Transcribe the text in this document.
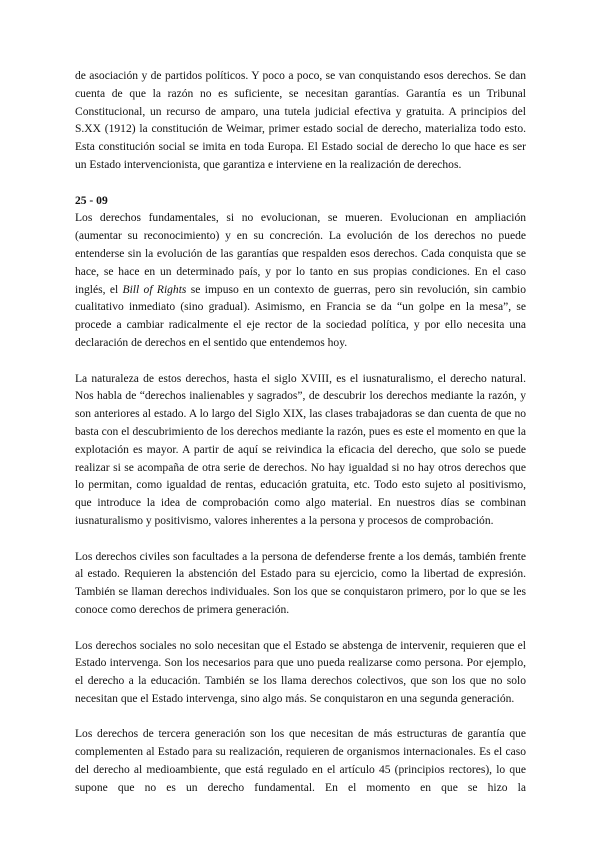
de asociación y de partidos políticos. Y poco a poco, se van conquistando esos derechos. Se dan cuenta de que la razón no es suficiente, se necesitan garantías. Garantía es un Tribunal Constitucional, un recurso de amparo, una tutela judicial efectiva y gratuita. A principios del S.XX (1912) la constitución de Weimar, primer estado social de derecho, materializa todo esto. Esta constitución social se imita en toda Europa. El Estado social de derecho lo que hace es ser un Estado intervencionista, que garantiza e interviene en la realización de derechos.

25 - 09

Los derechos fundamentales, si no evolucionan, se mueren. Evolucionan en ampliación (aumentar su reconocimiento) y en su concreción. La evolución de los derechos no puede entenderse sin la evolución de las garantías que respalden esos derechos. Cada conquista que se hace, se hace en un determinado país, y por lo tanto en sus propias condiciones. En el caso inglés, el Bill of Rights se impuso en un contexto de guerras, pero sin revolución, sin cambio cualitativo inmediato (sino gradual). Asimismo, en Francia se da “un golpe en la mesa”, se procede a cambiar radicalmente el eje rector de la sociedad política, y por ello necesita una declaración de derechos en el sentido que entendemos hoy.

La naturaleza de estos derechos, hasta el siglo XVIII, es el iusnaturalismo, el derecho natural. Nos habla de “derechos inalienables y sagrados”, de descubrir los derechos mediante la razón, y son anteriores al estado. A lo largo del Siglo XIX, las clases trabajadoras se dan cuenta de que no basta con el descubrimiento de los derechos mediante la razón, pues es este el momento en que la explotación es mayor. A partir de aquí se reivindica la eficacia del derecho, que solo se puede realizar si se acompaña de otra serie de derechos. No hay igualdad si no hay otros derechos que lo permitan, como igualdad de rentas, educación gratuita, etc. Todo esto sujeto al positivismo, que introduce la idea de comprobación como algo material. En nuestros días se combinan iusnaturalismo y positivismo, valores inherentes a la persona y procesos de comprobación.

Los derechos civiles son facultades a la persona de defenderse frente a los demás, también frente al estado. Requieren la abstención del Estado para su ejercicio, como la libertad de expresión. También se llaman derechos individuales. Son los que se conquistaron primero, por lo que se les conoce como derechos de primera generación.

Los derechos sociales no solo necesitan que el Estado se abstenga de intervenir, requieren que el Estado intervenga. Son los necesarios para que uno pueda realizarse como persona. Por ejemplo, el derecho a la educación. También se los llama derechos colectivos, que son los que no solo necesitan que el Estado intervenga, sino algo más. Se conquistaron en una segunda generación.

Los derechos de tercera generación son los que necesitan de más estructuras de garantía que complementen al Estado para su realización, requieren de organismos internacionales. Es el caso del derecho al medioambiente, que está regulado en el artículo 45 (principios rectores), lo que supone que no es un derecho fundamental. En el momento en que se hizo la
